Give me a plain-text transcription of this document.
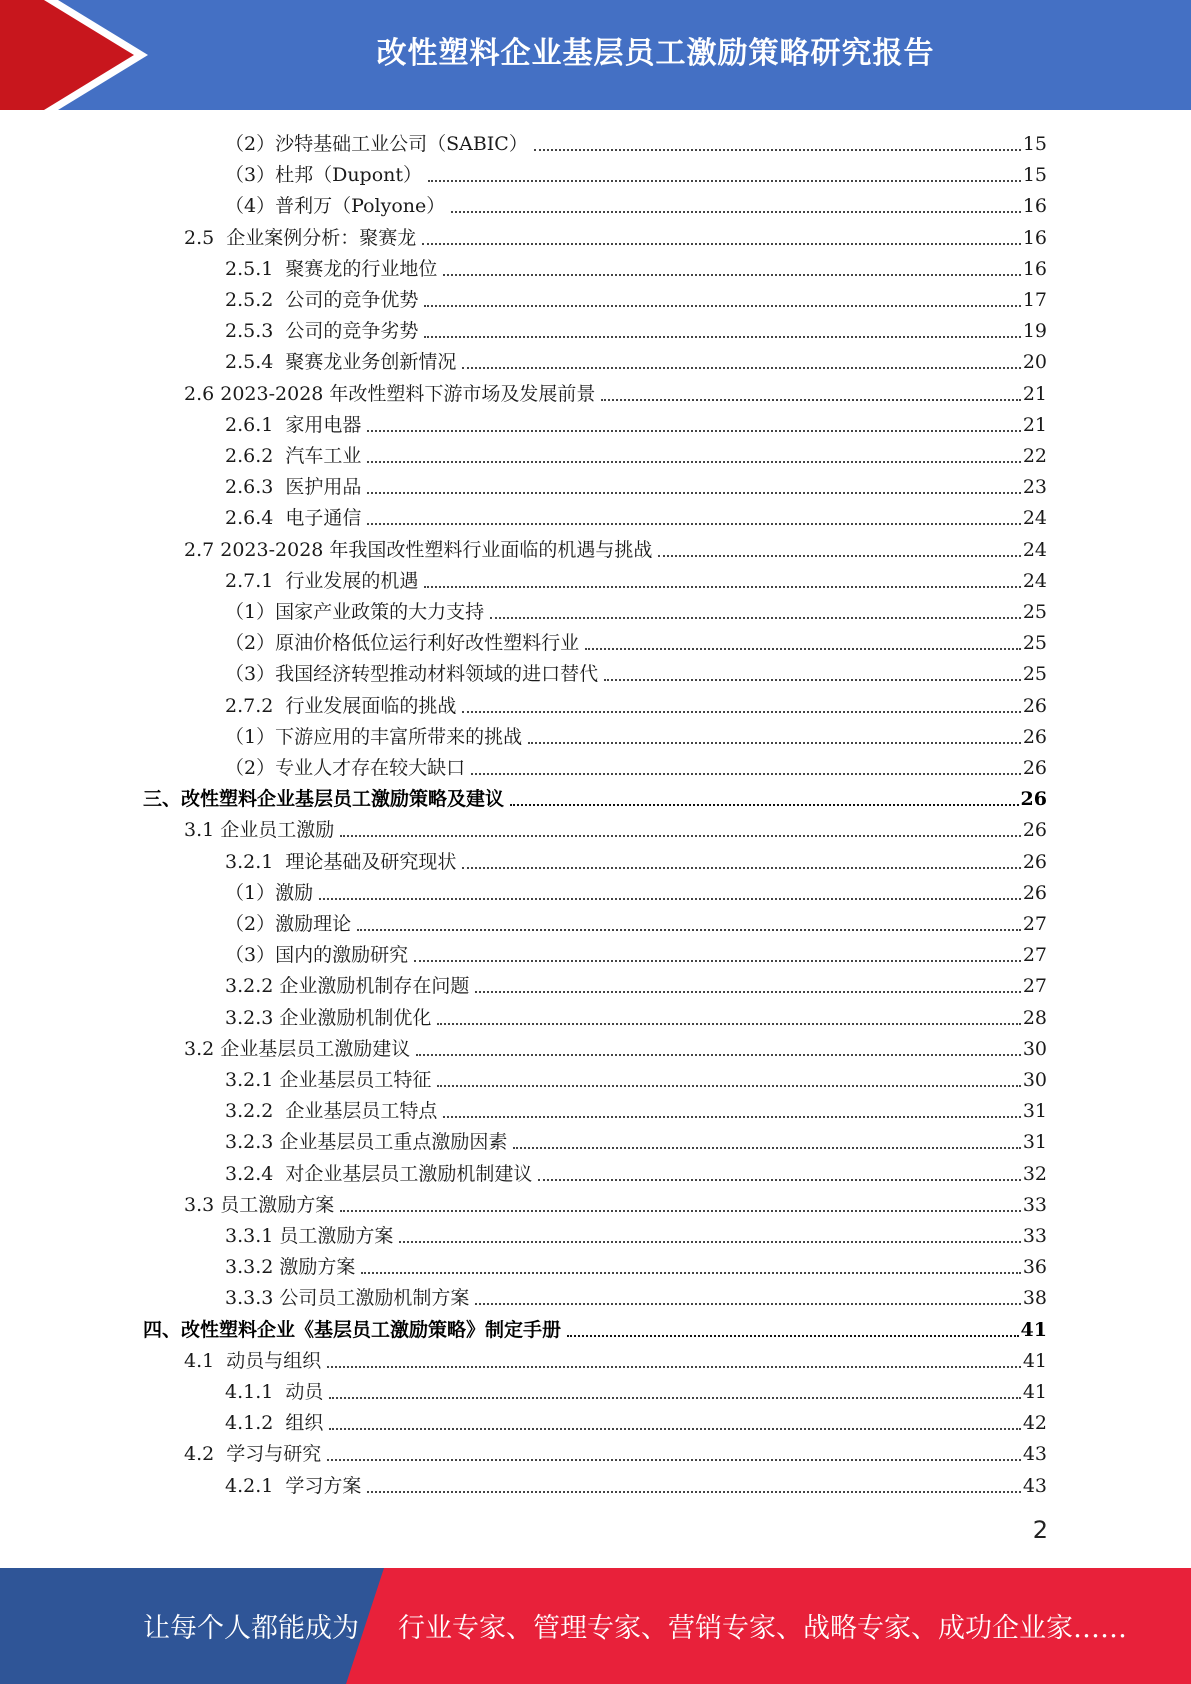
改性塑料企业基层员工激励策略研究报告
（2）沙特基础工业公司（SABIC）	15
（3）杜邦（Dupont）	15
（4）普利万（Polyone）	16
2.5  企业案例分析：聚赛龙	16
2.5.1  聚赛龙的行业地位	16
2.5.2  公司的竞争优势	17
2.5.3  公司的竞争劣势	19
2.5.4  聚赛龙业务创新情况	20
2.6 2023-2028 年改性塑料下游市场及发展前景	21
2.6.1  家用电器	21
2.6.2  汽车工业	22
2.6.3  医护用品	23
2.6.4  电子通信	24
2.7 2023-2028 年我国改性塑料行业面临的机遇与挑战	24
2.7.1  行业发展的机遇	24
（1）国家产业政策的大力支持	25
（2）原油价格低位运行利好改性塑料行业	25
（3）我国经济转型推动材料领域的进口替代	25
2.7.2  行业发展面临的挑战	26
（1）下游应用的丰富所带来的挑战	26
（2）专业人才存在较大缺口	26
三、改性塑料企业基层员工激励策略及建议	26
3.1 企业员工激励	26
3.2.1  理论基础及研究现状	26
（1）激励	26
（2）激励理论	27
（3）国内的激励研究	27
3.2.2 企业激励机制存在问题	27
3.2.3 企业激励机制优化	28
3.2 企业基层员工激励建议	30
3.2.1 企业基层员工特征	30
3.2.2  企业基层员工特点	31
3.2.3 企业基层员工重点激励因素	31
3.2.4  对企业基层员工激励机制建议	32
3.3 员工激励方案	33
3.3.1 员工激励方案	33
3.3.2 激励方案	36
3.3.3 公司员工激励机制方案	38
四、改性塑料企业《基层员工激励策略》制定手册	41
4.1  动员与组织	41
4.1.1  动员	41
4.1.2  组织	42
4.2  学习与研究	43
4.2.1  学习方案	43
2
让每个人都能成为 行业专家、管理专家、营销专家、战略专家、成功企业家……
